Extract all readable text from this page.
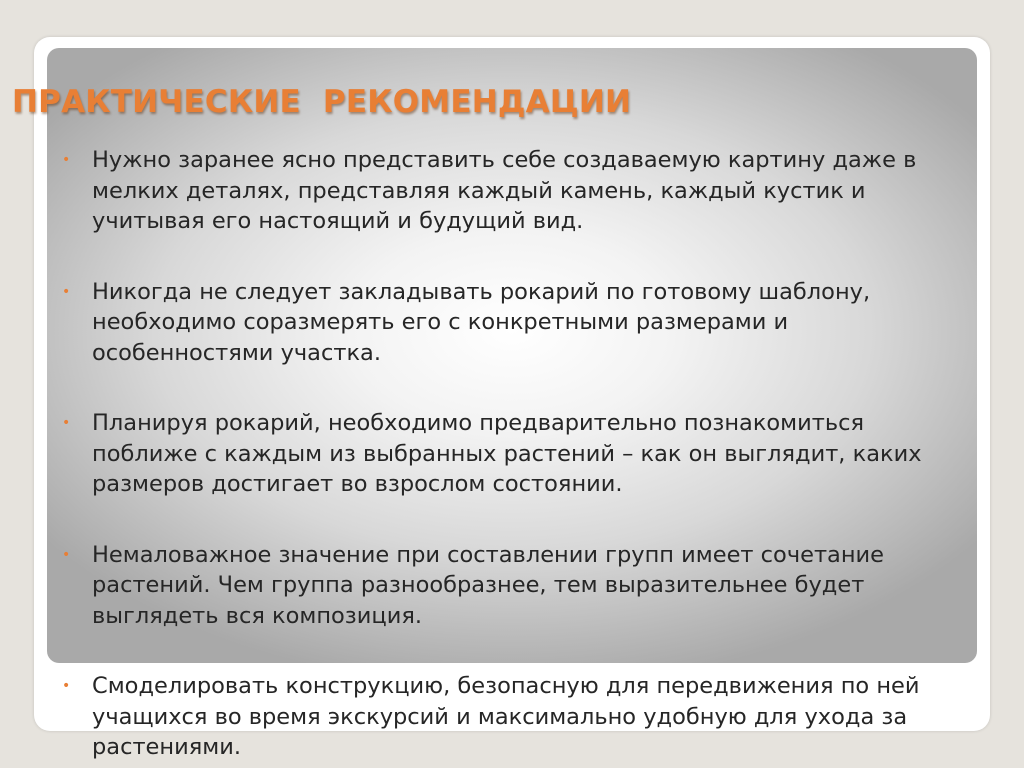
ПРАКТИЧЕСКИЕ  РЕКОМЕНДАЦИИ
• Нужно заранее ясно представить себе создаваемую картину даже в мелких деталях, представляя каждый камень, каждый кустик и учитывая его настоящий и будущий вид.
• Никогда не следует закладывать рокарий по готовому шаблону, необходимо соразмерять его с конкретными размерами и особенностями участка.
• Планируя рокарий, необходимо предварительно познакомиться поближе с каждым из выбранных растений – как он выглядит, каких размеров достигает во взрослом состоянии.
• Немаловажное значение при составлении групп имеет сочетание растений. Чем группа разнообразнее, тем выразительнее будет выглядеть вся композиция.
• Смоделировать конструкцию, безопасную для передвижения по ней учащихся во время экскурсий и максимально удобную для ухода за растениями.
